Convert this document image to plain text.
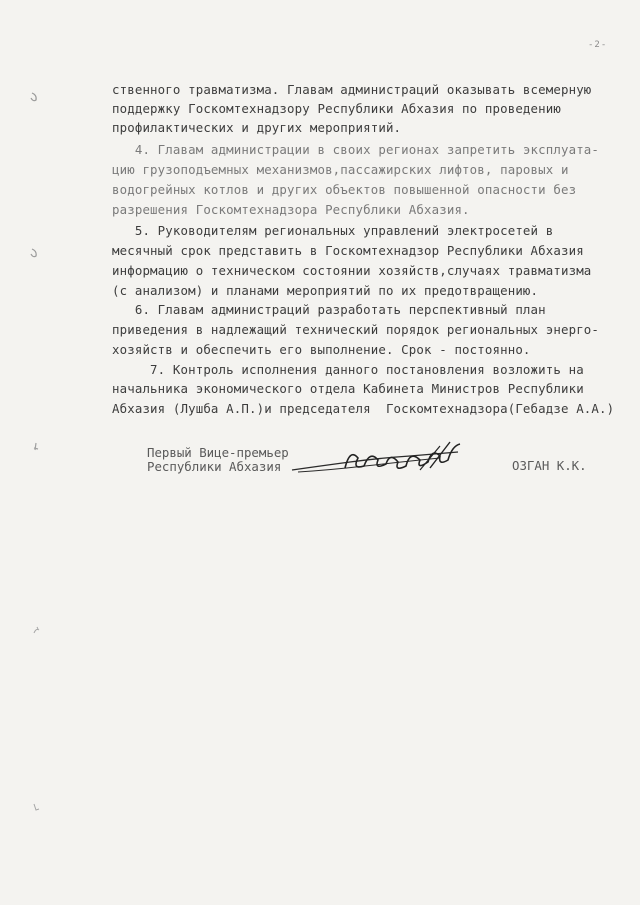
-2-
ственного травматизма. Главам администраций оказывать всемерную
поддержку Госкомтехнадзору Республики Абхазия по проведению
профилактических и других мероприятий.
4. Главам администрации в своих регионах запретить эксплуата-
цию грузоподъемных механизмов,пассажирских лифтов, паровых и
водогрейных котлов и других объектов повышенной опасности без
разрешения Госкомтехнадзора Республики Абхазия.
5. Руководителям региональных управлений электросетей в
месячный срок представить в Госкомтехнадзор Республики Абхазия
информацию о техническом состоянии хозяйств,случаях травматизма
(с анализом) и планами мероприятий по их предотвращению.
6. Главам администраций разработать перспективный план
приведения в надлежащий технический порядок региональных энерго-
хозяйств и обеспечить его выполнение. Срок - постоянно.
7. Контроль исполнения данного постановления возложить на
начальника экономического отдела Кабинета Министров Республики
Абхазия (Лушба А.П.)и председателя  Госкомтехнадзора(Гебадзе А.А.)
Первый Вице-премьер
Республики Абхазия	ОЗГАН К.К.
